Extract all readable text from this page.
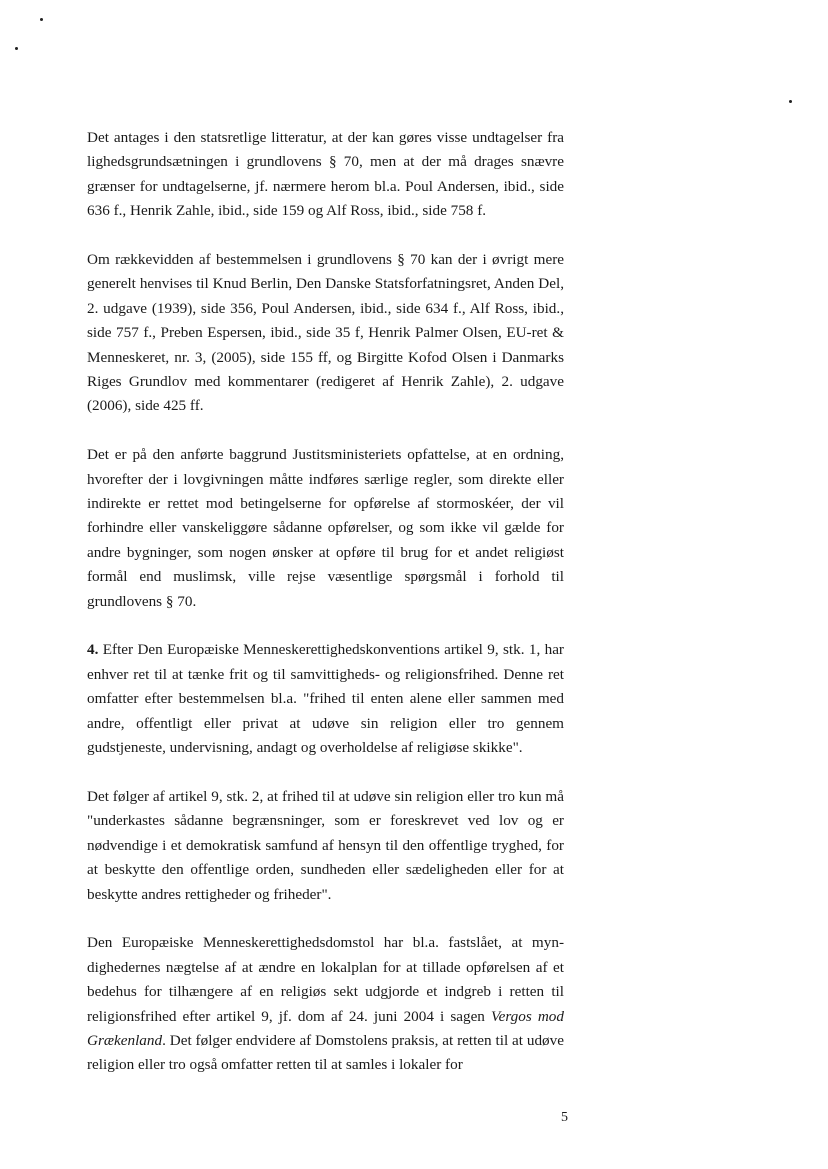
Det antages i den statsretlige litteratur, at der kan gøres visse undtagelser fra lighedsgrundsætningen i grundlovens § 70, men at der må drages snævre grænser for undtagelserne, jf. nærmere herom bl.a. Poul Andersen, ibid., side 636 f., Henrik Zahle, ibid., side 159 og Alf Ross, ibid., side 758 f.

Om rækkevidden af bestemmelsen i grundlovens § 70 kan der i øvrigt mere generelt henvises til Knud Berlin, Den Danske Statsforfatningsret, Anden Del, 2. udgave (1939), side 356, Poul Andersen, ibid., side 634 f., Alf Ross, ibid., side 757 f., Preben Espersen, ibid., side 35 f, Henrik Palmer Olsen, EU-ret & Menneskeret, nr. 3, (2005), side 155 ff, og Birgitte Kofod Olsen i Danmarks Riges Grundlov med kommentarer (redigeret af Henrik Zahle), 2. udgave (2006), side 425 ff.

Det er på den anførte baggrund Justitsministeriets opfattelse, at en ordning, hvorefter der i lovgivningen måtte indføres særlige regler, som direkte eller indirekte er rettet mod betingelserne for opførelse af stormoskéer, der vil forhindre eller vanskeliggøre sådanne opførelser, og som ikke vil gælde for andre bygninger, som nogen ønsker at opføre til brug for et andet religiøst formål end muslimsk, ville rejse væsentlige spørgsmål i forhold til grundlovens § 70.

4. Efter Den Europæiske Menneskerettighedskonventions artikel 9, stk. 1, har enhver ret til at tænke frit og til samvittigheds- og religionsfrihed. Denne ret omfatter efter bestemmelsen bl.a. "frihed til enten alene eller sammen med andre, offentligt eller privat at udøve sin religion eller tro gennem gudstjeneste, undervisning, andagt og overholdelse af religiøse skikke".

Det følger af artikel 9, stk. 2, at frihed til at udøve sin religion eller tro kun må "underkastes sådanne begrænsninger, som er foreskrevet ved lov og er nødvendige i et demokratisk samfund af hensyn til den offentlige tryghed, for at beskytte den offentlige orden, sundheden eller sædeligheden eller for at beskytte andres rettigheder og friheder".

Den Europæiske Menneskerettighedsdomstol har bl.a. fastslået, at myndighedernes nægtelse af at ændre en lokalplan for at tillade opførelsen af et bedehus for tilhængere af en religiøs sekt udgjorde et indgreb i retten til religionsfrihed efter artikel 9, jf. dom af 24. juni 2004 i sagen Vergos mod Grækenland. Det følger endvidere af Domstolens praksis, at retten til at udøve religion eller tro også omfatter retten til at samles i lokaler for

5
